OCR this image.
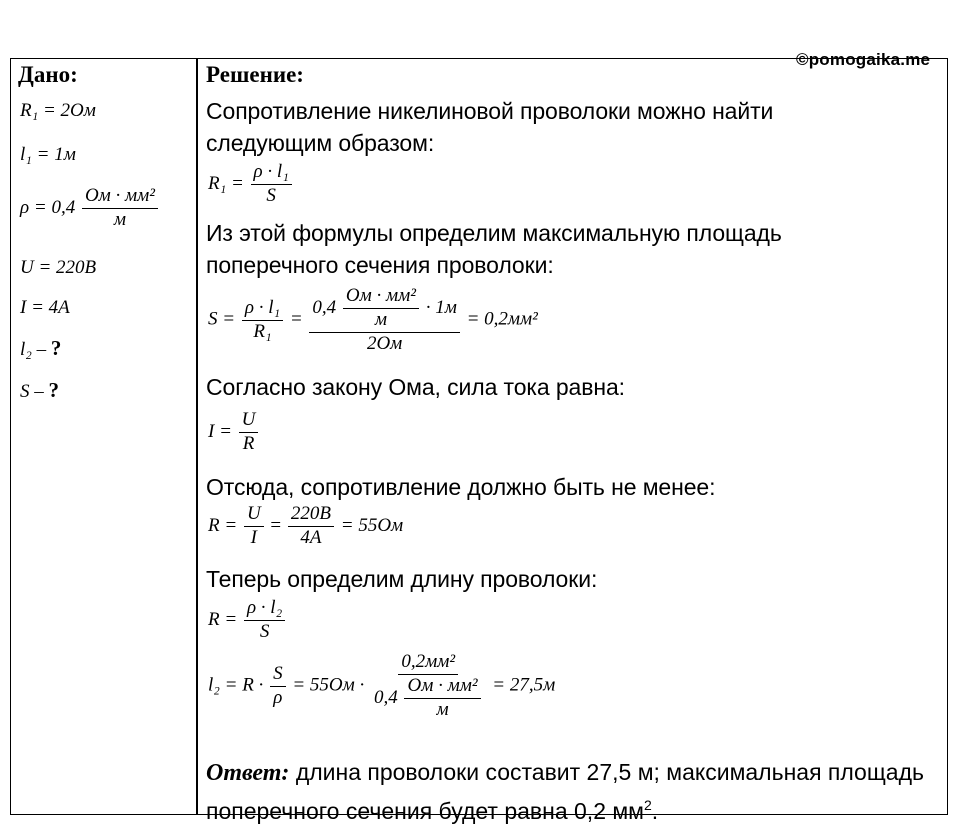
©pomogaika.me
Дано:
R₁ = 2Ом
l₁ = 1м
$\rho = 0,4 \frac{\text{Ом · мм²}}{м}$
U = 220В
I = 4А
l₂ – ?
S – ?
Решение:
Сопротивление никелиновой проволоки можно найти
следующим образом:
$R_1 = \frac{\text{ρ · l₁}}{S}$
Из этой формулы определим максимальную площадь
поперечного сечения проволоки:
$S = \frac{\text{ρ · l₁}}{\text{R₁}} = \frac{0,4 \frac{\text{Ом · мм²}}{м} \cdot 1м}{2Ом} = 0,2мм^2$
Согласно закону Ома, сила тока равна:
$I = \frac{U}{R}$
Отсюда, сопротивление должно быть не менее:
$R = \frac{U}{I} = \frac{220В}{4А} = 55Ом$
Теперь определим длину проволоки:
$R = \frac{\text{ρ · l₂}}{S}$
$l_2 = R \cdot \frac{S}{\rho} = 55Ом \cdot \frac{\text{0,2мм²}}{0,4 \frac{\text{Ом · мм²}}{м}} = 27,5м$
Ответ: длина проволоки составит 27,5 м; максимальная площадь поперечного сечения будет равна 0,2 $мм^2$.
